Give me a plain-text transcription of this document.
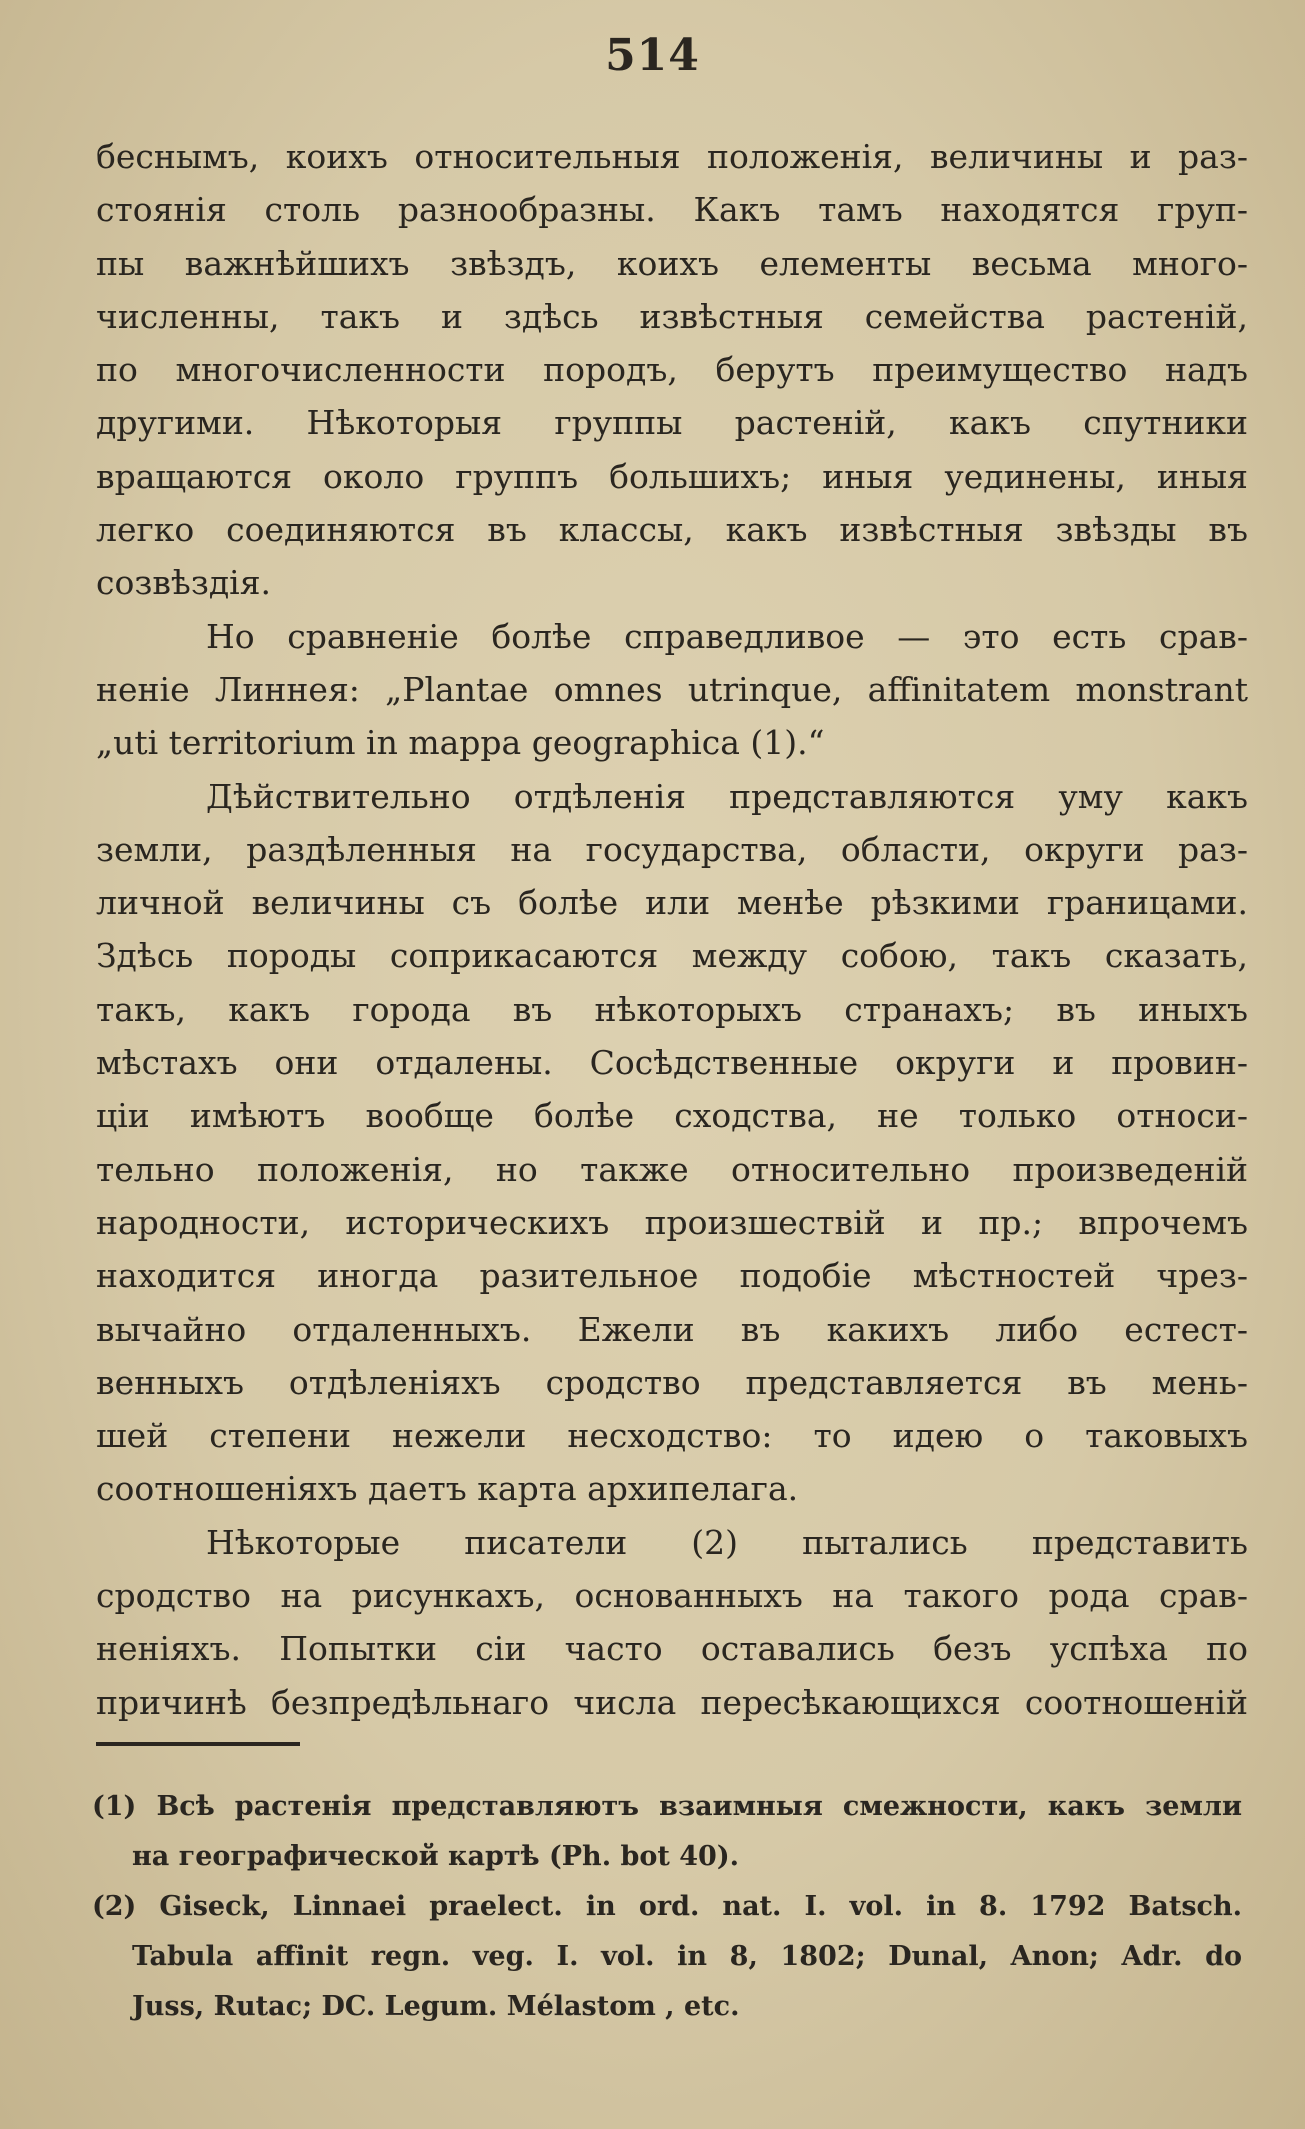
514
беснымъ, коихъ относительныя положенія, величины и раз-
стоянія столь разнообразны. Какъ тамъ находятся груп-
пы важнѣйшихъ звѣздъ, коихъ елементы весьма много-
численны, такъ и здѣсь извѣстныя семейства растеній,
по многочисленности породъ, берутъ преимущество надъ
другими. Нѣкоторыя группы растеній, какъ спутники
вращаются около группъ большихъ; иныя уединены, иныя
легко соединяются въ классы, какъ извѣстныя звѣзды въ
созвѣздія.
Но сравненіе болѣе справедливое — это есть срав-
неніе Линнея: „Plantae omnes utrinque, affinitatem monstrant
„uti territorium in mappa geographica (1).“
Дѣйствительно отдѣленія представляются уму какъ
земли, раздѣленныя на государства, области, округи раз-
личной величины съ болѣе или менѣе рѣзкими границами.
Здѣсь породы соприкасаются между собою, такъ сказать,
такъ, какъ города въ нѣкоторыхъ странахъ; въ иныхъ
мѣстахъ они отдалены. Сосѣдственные округи и провин-
ціи имѣютъ вообще болѣе сходства, не только относи-
тельно положенія, но также относительно произведеній
народности, историческихъ произшествій и пр.; впрочемъ
находится иногда разительное подобіе мѣстностей чрез-
вычайно отдаленныхъ. Ежели въ какихъ либо естест-
венныхъ отдѣленіяхъ сродство представляется въ мень-
шей степени нежели несходство: то идею о таковыхъ
соотношеніяхъ даетъ карта архипелага.
Нѣкоторые писатели (2) пытались представить
сродство на рисункахъ, основанныхъ на такого рода срав-
неніяхъ. Попытки сіи часто оставались безъ успѣха по
причинѣ безпредѣльнаго числа пересѣкающихся соотношеній
(1) Всѣ растенія представляютъ взаимныя смежности, какъ земли
на географической картѣ (Ph. bot 40).
(2) Giseck, Linnaei praelect. in ord. nat. I. vol. in 8. 1792 Batsch.
Tabula affinit regn. veg. I. vol. in 8, 1802; Dunal, Anon; Adr. do
Juss, Rutac; DC. Legum. Mélastom , etc.
